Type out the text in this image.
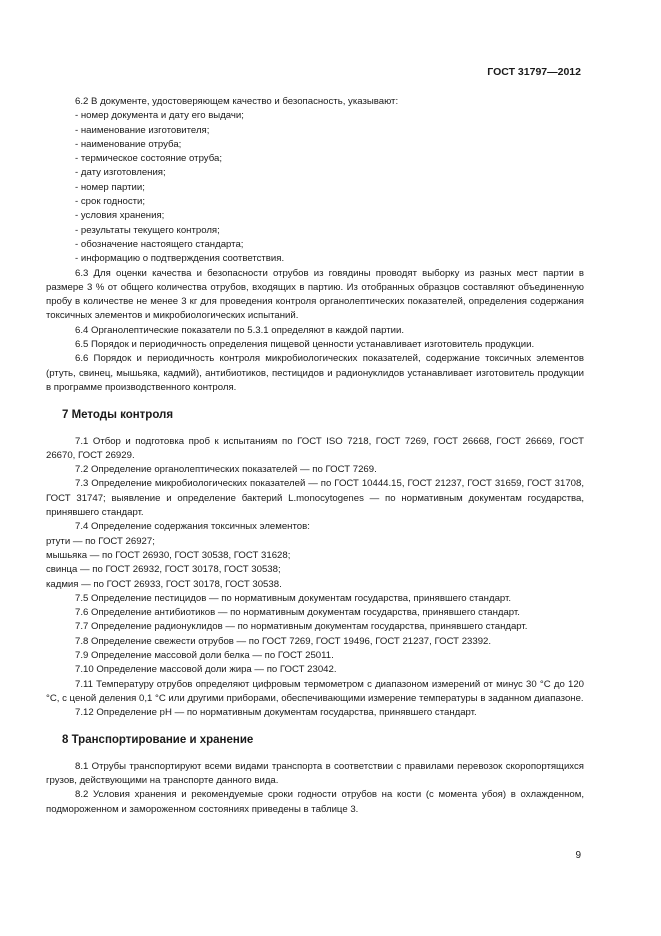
ГОСТ 31797—2012

6.2 В документе, удостоверяющем качество и безопасность, указывают:

- номер документа и дату его выдачи;

- наименование изготовителя;

- наименование отруба;

- термическое состояние отруба;

- дату изготовления;

- номер партии;

- срок годности;

- условия хранения;

- результаты текущего контроля;

- обозначение настоящего стандарта;

- информацию о подтверждения соответствия.

6.3 Для оценки качества и безопасности отрубов из говядины проводят выборку из разных мест партии в размере 3 % от общего количества отрубов, входящих в партию. Из отобранных образцов составляют объединенную пробу в количестве не менее 3 кг для проведения контроля органолептических показателей, определения содержания токсичных элементов и микробиологических испытаний.

6.4 Органолептические показатели по 5.3.1 определяют в каждой партии.

6.5 Порядок и периодичность определения пищевой ценности устанавливает изготовитель продукции.

6.6 Порядок и периодичность контроля микробиологических показателей, содержание токсичных элементов (ртуть, свинец, мышьяка, кадмий), антибиотиков, пестицидов и радионуклидов устанавливает изготовитель продукции в программе производственного контроля.

7 Методы контроля

7.1 Отбор и подготовка проб к испытаниям по ГОСТ ISO 7218, ГОСТ 7269, ГОСТ 26668, ГОСТ 26669, ГОСТ 26670, ГОСТ 26929.

7.2 Определение органолептических показателей — по ГОСТ 7269.

7.3 Определение микробиологических показателей — по ГОСТ 10444.15, ГОСТ 21237, ГОСТ 31659, ГОСТ 31708, ГОСТ 31747; выявление и определение бактерий L.monocytogenes — по нормативным документам государства, принявшего стандарт.

7.4 Определение содержания токсичных элементов:

ртути — по ГОСТ 26927;

мышьяка — по ГОСТ 26930, ГОСТ 30538, ГОСТ 31628;

свинца — по ГОСТ 26932, ГОСТ 30178, ГОСТ 30538;

кадмия — по ГОСТ 26933, ГОСТ 30178, ГОСТ 30538.

7.5 Определение пестицидов — по нормативным документам государства, принявшего стандарт.

7.6 Определение антибиотиков — по нормативным документам государства, принявшего стандарт.

7.7 Определение радионуклидов — по нормативным документам государства, принявшего стандарт.

7.8 Определение свежести отрубов — по ГОСТ 7269, ГОСТ 19496, ГОСТ 21237, ГОСТ 23392.

7.9 Определение массовой доли белка — по ГОСТ 25011.

7.10 Определение массовой доли жира — по ГОСТ 23042.

7.11 Температуру отрубов определяют цифровым термометром с диапазоном измерений от минус 30 °С до 120 °С, с ценой деления 0,1 °С или другими приборами, обеспечивающими измерение температуры в заданном диапазоне.

7.12 Определение pH — по нормативным документам государства, принявшего стандарт.

8 Транспортирование и хранение

8.1 Отрубы транспортируют всеми видами транспорта в соответствии с правилами перевозок скоропортящихся грузов, действующими на транспорте данного вида.

8.2 Условия хранения и рекомендуемые сроки годности отрубов на кости (с момента убоя) в охлажденном, подмороженном и замороженном состояниях приведены в таблице 3.

9
